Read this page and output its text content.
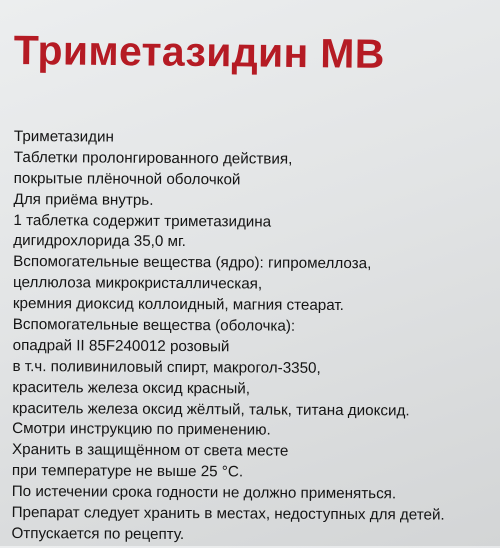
Триметазидин МВ
Триметазидин
Таблетки пролонгированного действия,
покрытые плёночной оболочкой
Для приёма внутрь.
1 таблетка содержит триметазидина
дигидрохлорида 35,0 мг.
Вспомогательные вещества (ядро): гипромеллоза,
целлюлоза микрокристаллическая,
кремния диоксид коллоидный, магния стеарат.
Вспомогательные вещества (оболочка):
опадрай II 85F240012 розовый
в т.ч. поливиниловый спирт, макрогол-3350,
краситель железа оксид красный,
краситель железа оксид жёлтый, тальк, титана диоксид.
Смотри инструкцию по применению.
Хранить в защищённом от света месте
при температуре не выше 25 °C.
По истечении срока годности не должно применяться.
Препарат следует хранить в местах, недоступных для детей.
Отпускается по рецепту.
